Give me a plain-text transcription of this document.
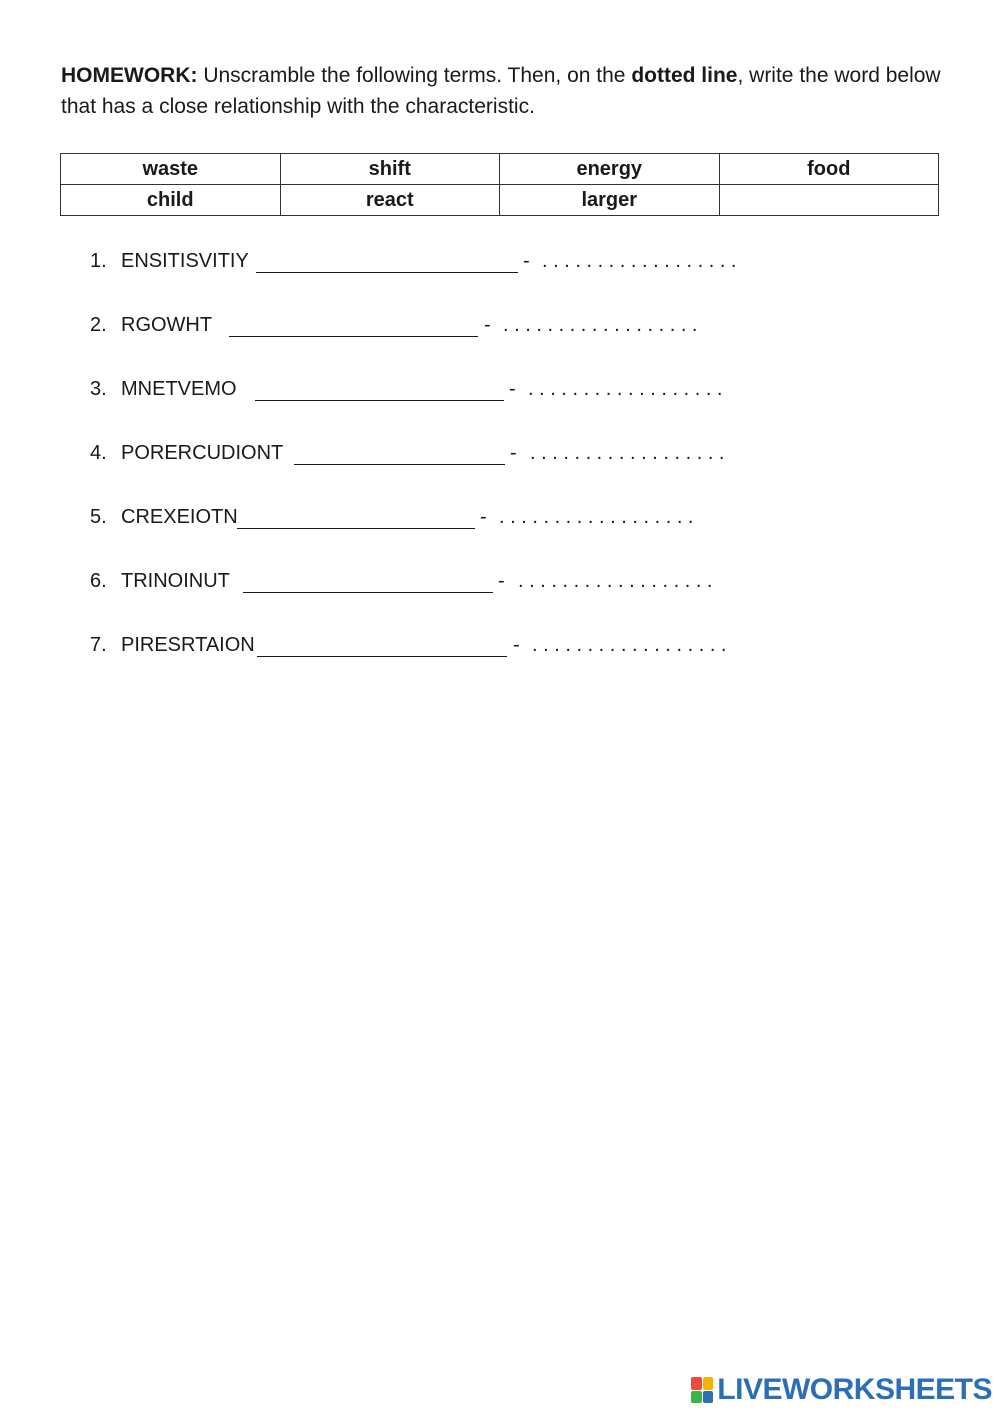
HOMEWORK: Unscramble the following terms. Then, on the dotted line, write the word below that has a close relationship with the characteristic.
waste	shift	energy	food
child	react	larger	
1. ENSITISVITIY	- . . . . . . . . . . . . . . . . . .
2. RGOWHT	- . . . . . . . . . . . . . . . . . .
3. MNETVEMO	- . . . . . . . . . . . . . . . . . .
4. PORERCUDIONT	- . . . . . . . . . . . . . . . . . .
5. CREXEIOTN	- . . . . . . . . . . . . . . . . . .
6. TRINOINUT	- . . . . . . . . . . . . . . . . . .
7. PIRESRTAION	- . . . . . . . . . . . . . . . . . .
LIVEWORKSHEETS
